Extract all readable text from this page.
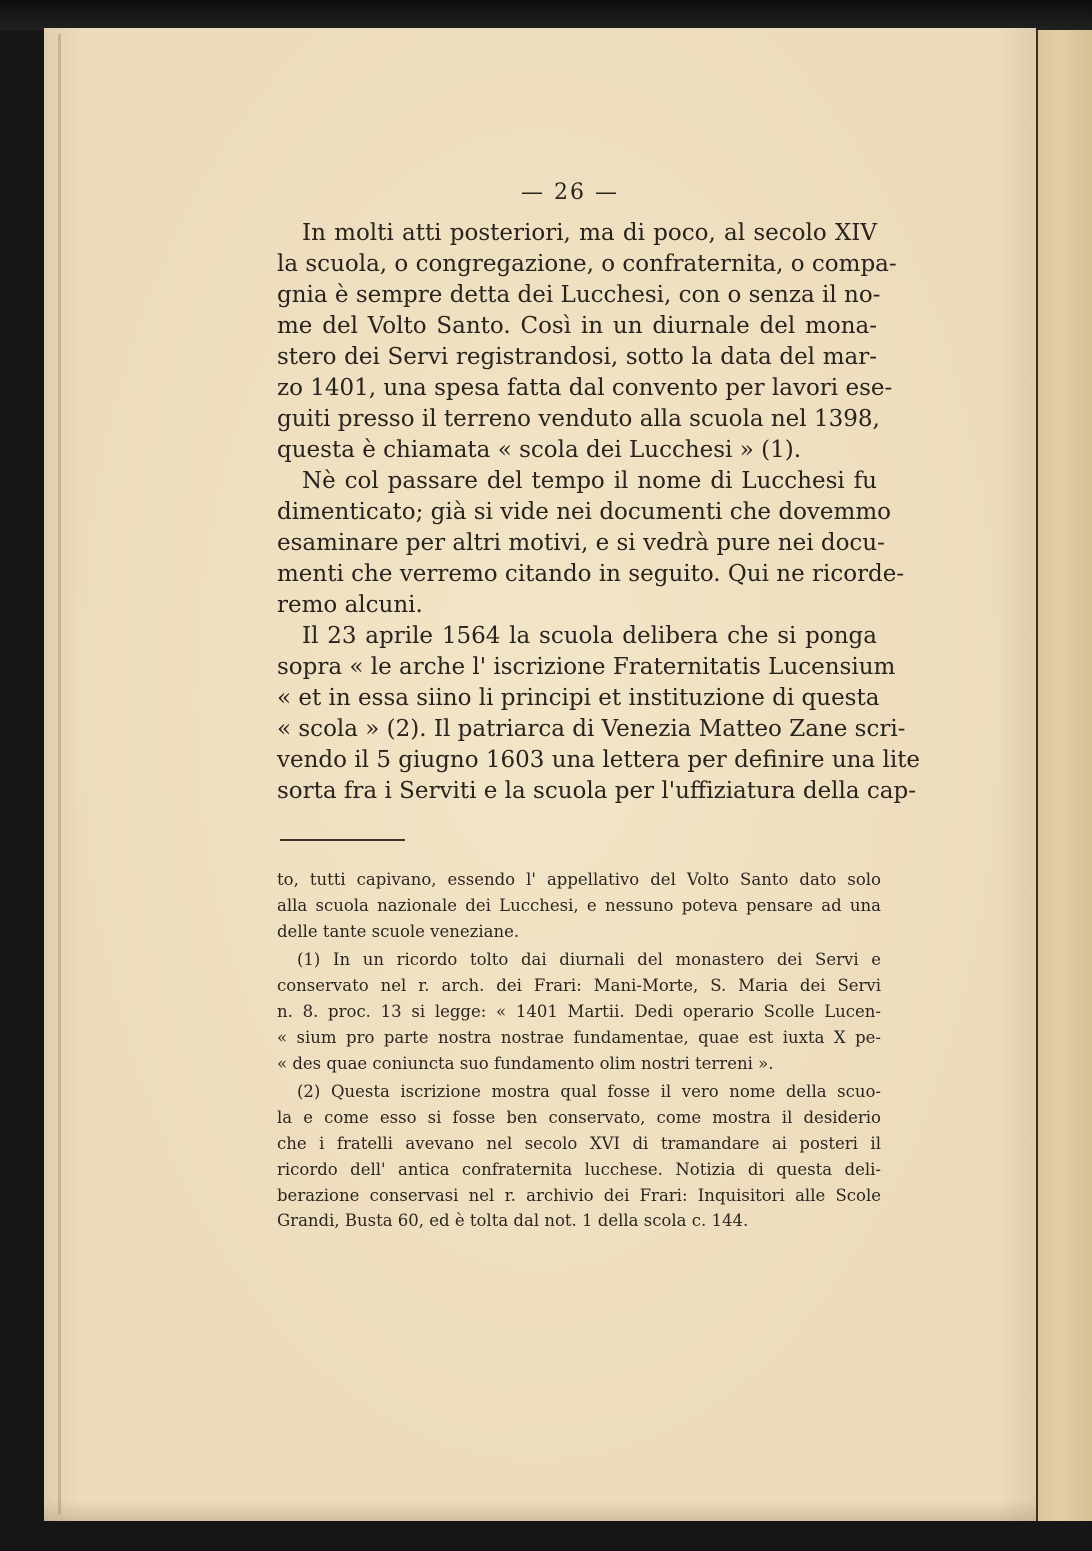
— 26 —
In molti atti posteriori, ma di poco, al secolo XIV
la scuola, o congregazione, o confraternita, o compa-
gnia è sempre detta dei Lucchesi, con o senza il no-
me del Volto Santo. Così in un diurnale del mona-
stero dei Servi registrandosi, sotto la data del mar-
zo 1401, una spesa fatta dal convento per lavori ese-
guiti presso il terreno venduto alla scuola nel 1398,
questa è chiamata « scola dei Lucchesi » (1).
Nè col passare del tempo il nome di Lucchesi fu
dimenticato; già si vide nei documenti che dovemmo
esaminare per altri motivi, e si vedrà pure nei docu-
menti che verremo citando in seguito. Qui ne ricorde-
remo alcuni.
Il 23 aprile 1564 la scuola delibera che si ponga
sopra « le arche l' iscrizione Fraternitatis Lucensium
« et in essa siino li principi et instituzione di questa
« scola » (2). Il patriarca di Venezia Matteo Zane scri-
vendo il 5 giugno 1603 una lettera per definire una lite
sorta fra i Serviti e la scuola per l'uffiziatura della cap-
to, tutti capivano, essendo l' appellativo del Volto Santo dato solo
alla scuola nazionale dei Lucchesi, e nessuno poteva pensare ad una
delle tante scuole veneziane.
(1) In un ricordo tolto dai diurnali del monastero dei Servi e
conservato nel r. arch. dei Frari: Mani-Morte, S. Maria dei Servi
n. 8. proc. 13 si legge: « 1401 Martii. Dedi operario Scolle Lucen-
« sium pro parte nostra nostrae fundamentae, quae est iuxta X pe-
« des quae coniuncta suo fundamento olim nostri terreni ».
(2) Questa iscrizione mostra qual fosse il vero nome della scuo-
la e come esso si fosse ben conservato, come mostra il desiderio
che i fratelli avevano nel secolo XVI di tramandare ai posteri il
ricordo dell' antica confraternita lucchese. Notizia di questa deli-
berazione conservasi nel r. archivio dei Frari: Inquisitori alle Scole
Grandi, Busta 60, ed è tolta dal not. 1 della scola c. 144.
